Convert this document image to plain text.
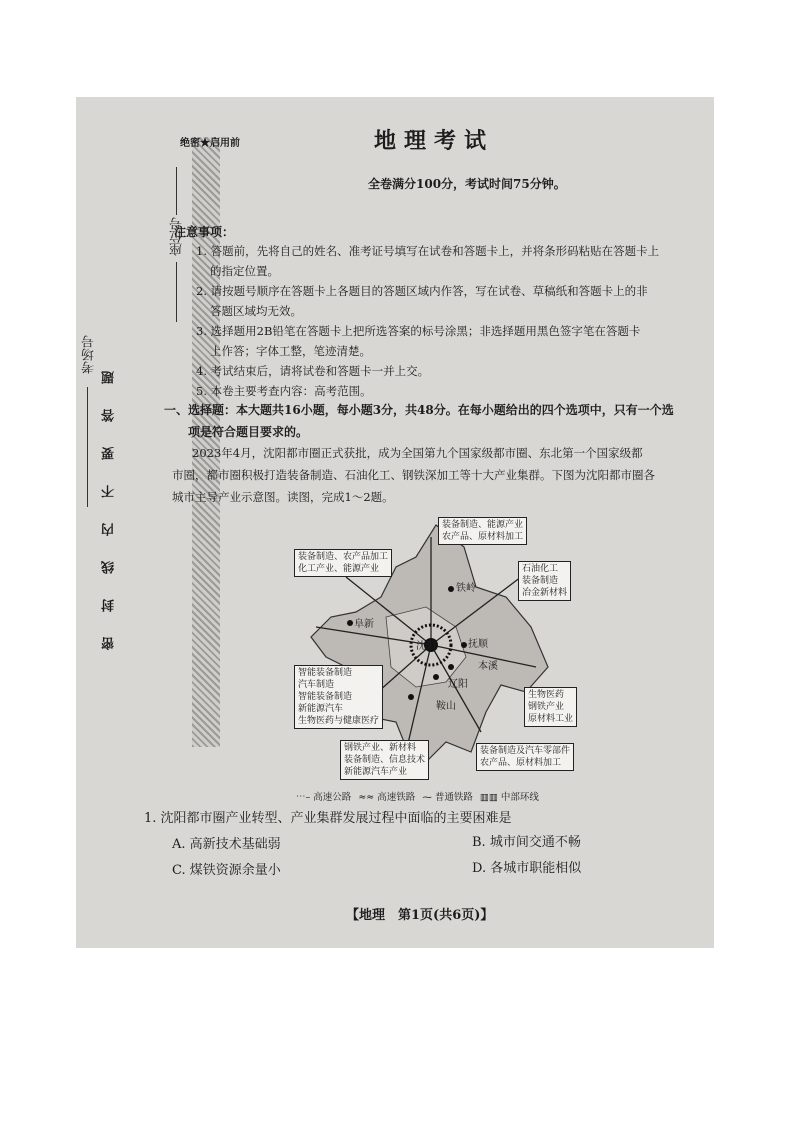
座位号
考场号
密　封　线　内　不　要　答　题
绝密★启用前	地理考试
全卷满分100分，考试时间75分钟。
注意事项：
1. 答题前，先将自己的姓名、准考证号填写在试卷和答题卡上，并将条形码粘贴在答题卡上
的指定位置。
2. 请按题号顺序在答题卡上各题目的答题区域内作答，写在试卷、草稿纸和答题卡上的非
答题区域均无效。
3. 选择题用2B铅笔在答题卡上把所选答案的标号涂黑；非选择题用黑色签字笔在答题卡
上作答；字体工整，笔迹清楚。
4. 考试结束后，请将试卷和答题卡一并上交。
5. 本卷主要考查内容：高考范围。
一、选择题：本大题共16小题，每小题3分，共48分。在每小题给出的四个选项中，只有一个选
项是符合题目要求的。
2023年4月，沈阳都市圈正式获批，成为全国第九个国家级都市圈、东北第一个国家级都
市圈，都市圈积极打造装备制造、石油化工、钢铁深加工等十大产业集群。下图为沈阳都市圈各
城市主导产业示意图。读图，完成1～2题。
铁岭
阜新
沈阳	抚顺
本溪
辽阳
鞍山
装备制造、能源产业
农产品、原材料加工
装备制造、农产品加工
化工产业、能源产业	石油化工
装备制造
冶金新材料
智能装备制造
汽车制造
智能装备制造
新能源汽车
生物医药与健康医疗
生物医药
钢铁产业
原材料工业
钢铁产业、新材料
装备制造、信息技术
新能源汽车产业
装备制造及汽车零部件
农产品、原材料加工
⋯– 高速公路 ≈≈ 高速铁路 ⁓ 普通铁路 ▥▥ 中部环线
1. 沈阳都市圈产业转型、产业集群发展过程中面临的主要困难是
A. 高新技术基础弱	B. 城市间交通不畅
C. 煤铁资源余量小	D. 各城市职能相似
【地理　第1页(共6页)】
